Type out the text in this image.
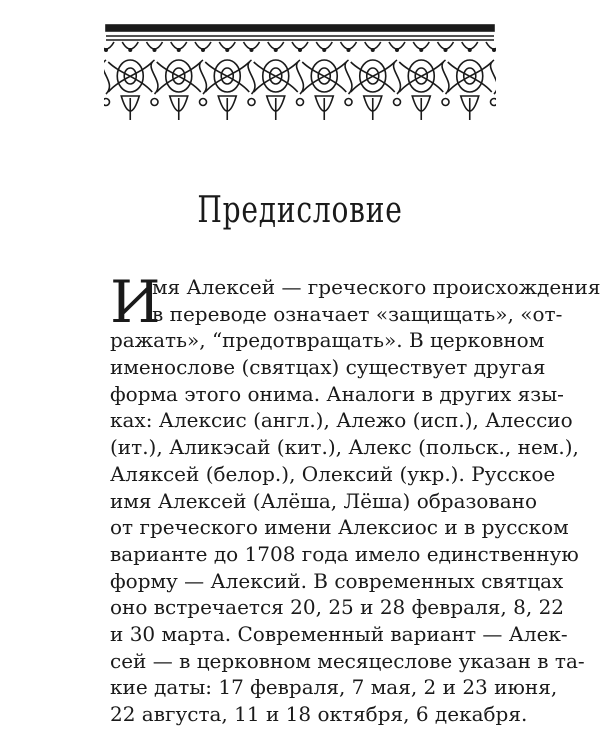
Предисловие
И
мя Алексей — греческого происхождения
в переводе означает «защищать», «от-
ражать», “предотвращать». В церковном
именослове (святцах) существует другая
форма этого онима. Аналоги в других язы-
ках: Алексис (англ.), Алежо (исп.), Алессио
(ит.), Аликэсай (кит.), Алекс (польск., нем.),
Аляксей (белор.), Олексий (укр.). Русское
имя Алексей (Алёша, Лёша) образовано
от греческого имени Алексиос и в русском
варианте до 1708 года имело единственную
форму — Алексий. В современных святцах
оно встречается 20, 25 и 28 февраля, 8, 22
и 30 марта. Современный вариант — Алек-
сей — в церковном месяцеслове указан в та-
кие даты: 17 февраля, 7 мая, 2 и 23 июня,
22 августа, 11 и 18 октября, 6 декабря.
